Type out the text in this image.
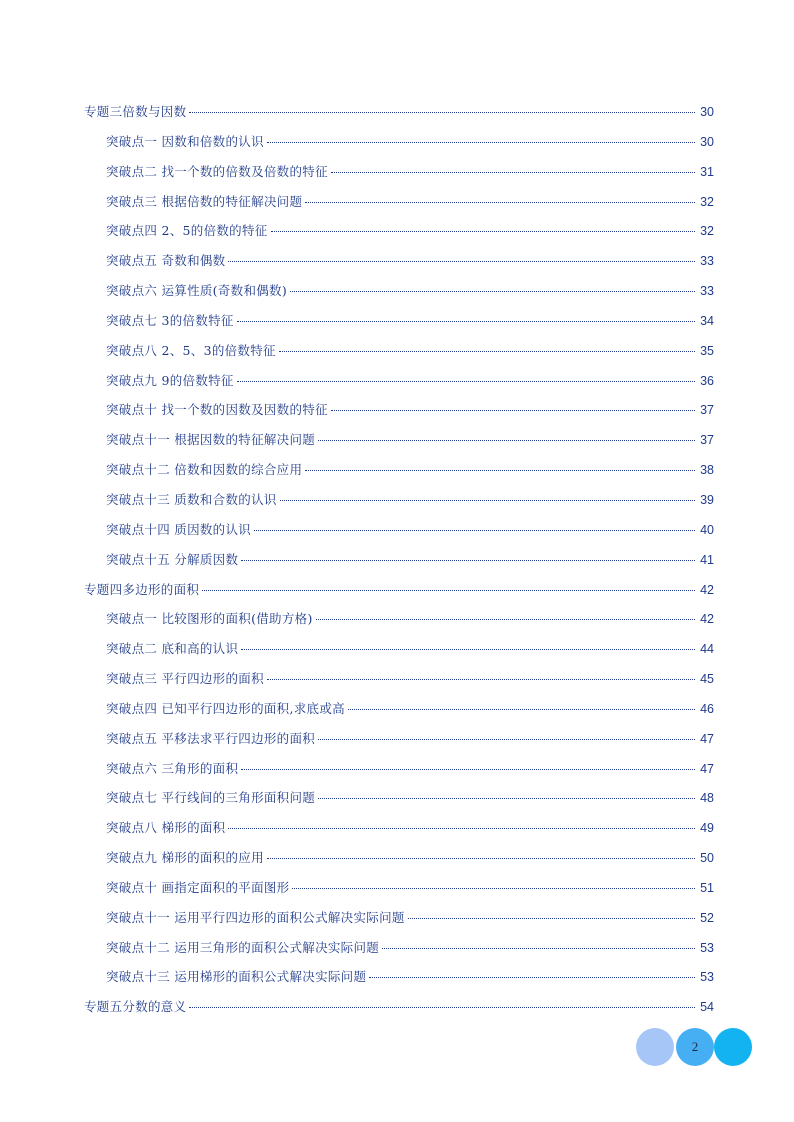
专题三倍数与因数	30
突破点一 因数和倍数的认识	30
突破点二 找一个数的倍数及倍数的特征	31
突破点三 根据倍数的特征解决问题	32
突破点四 2、5的倍数的特征	32
突破点五 奇数和偶数	33
突破点六 运算性质(奇数和偶数)	33
突破点七 3的倍数特征	34
突破点八 2、5、3的倍数特征	35
突破点九 9的倍数特征	36
突破点十 找一个数的因数及因数的特征	37
突破点十一 根据因数的特征解决问题	37
突破点十二 倍数和因数的综合应用	38
突破点十三 质数和合数的认识	39
突破点十四 质因数的认识	40
突破点十五 分解质因数	41
专题四多边形的面积	42
突破点一 比较图形的面积(借助方格)	42
突破点二 底和高的认识	44
突破点三 平行四边形的面积	45
突破点四 已知平行四边形的面积,求底或高	46
突破点五 平移法求平行四边形的面积	47
突破点六 三角形的面积	47
突破点七 平行线间的三角形面积问题	48
突破点八 梯形的面积	49
突破点九 梯形的面积的应用	50
突破点十 画指定面积的平面图形	51
突破点十一 运用平行四边形的面积公式解决实际问题	52
突破点十二 运用三角形的面积公式解决实际问题	53
突破点十三 运用梯形的面积公式解决实际问题	53
专题五分数的意义	54
2
